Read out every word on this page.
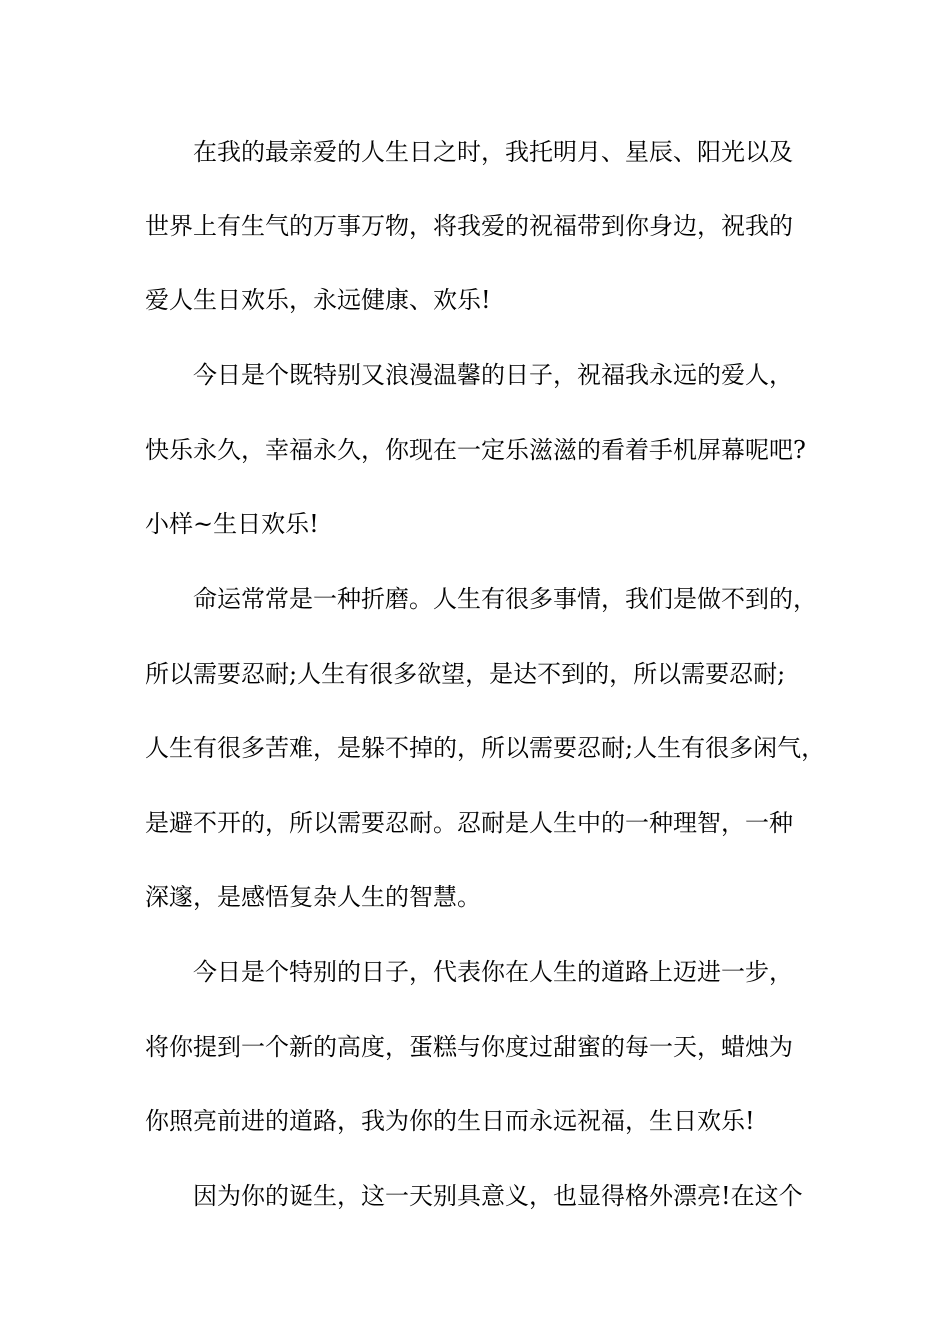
在我的最亲爱的人生日之时，我托明月、星辰、阳光以及
世界上有生气的万事万物，将我爱的祝福带到你身边，祝我的
爱人生日欢乐，永远健康、欢乐!
今日是个既特别又浪漫温馨的日子，祝福我永远的爱人，
快乐永久，幸福永久，你现在一定乐滋滋的看着手机屏幕呢吧?
小样~生日欢乐!
命运常常是一种折磨。人生有很多事情，我们是做不到的，
所以需要忍耐;人生有很多欲望，是达不到的，所以需要忍耐;
人生有很多苦难，是躲不掉的，所以需要忍耐;人生有很多闲气，
是避不开的，所以需要忍耐。忍耐是人生中的一种理智，一种
深邃，是感悟复杂人生的智慧。
今日是个特别的日子，代表你在人生的道路上迈进一步，
将你提到一个新的高度，蛋糕与你度过甜蜜的每一天，蜡烛为
你照亮前进的道路，我为你的生日而永远祝福，生日欢乐!
因为你的诞生，这一天别具意义，也显得格外漂亮!在这个
